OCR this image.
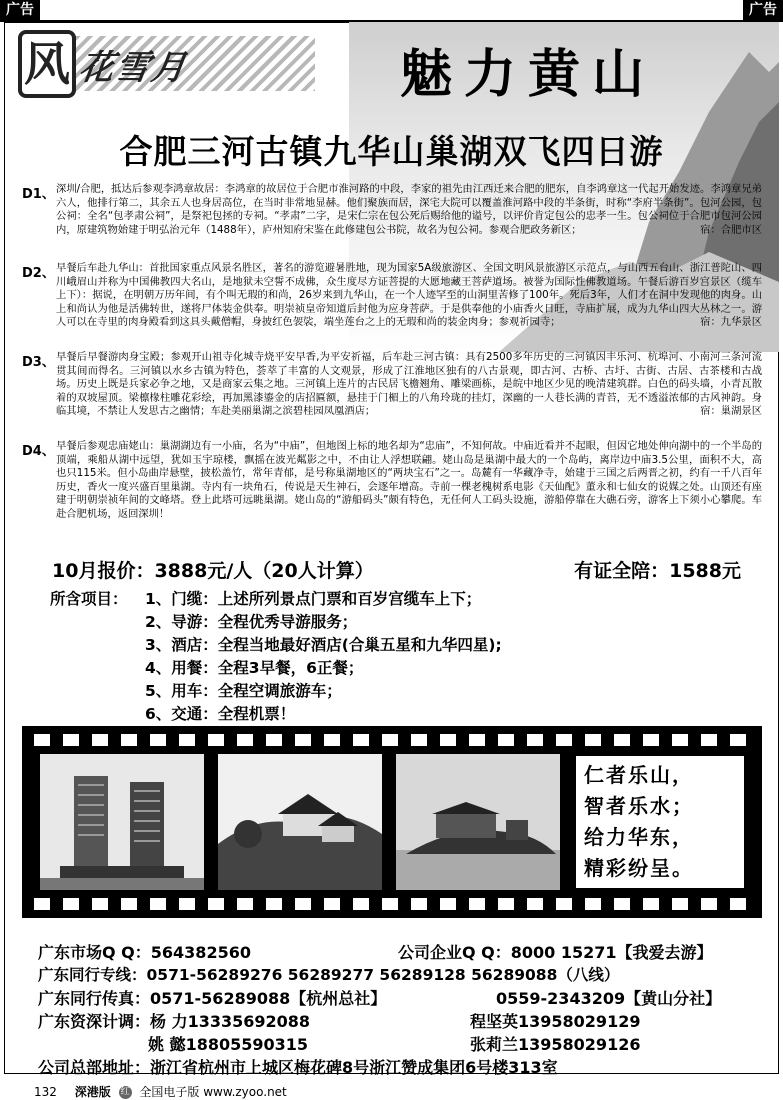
广告	广告
风 花雪月	魅力黄山
合肥三河古镇九华山巢湖双飞四日游
D1、 深圳/合肥，抵达后参观李鸿章故居：李鸿章的故居位于合肥市淮河路的中段，李家的祖先由江西迁来合肥的肥东，自李鸿章这一代起开始发迹。李鸿章兄弟六人，他排行第二，其余五人也身居高位，在当时非常地显赫。他们聚族而居，深宅大院可以覆盖淮河路中段的半条街，时称“李府半条街”。包河公园，包公祠：全名“包孝肃公祠”，是祭祀包拯的专祠。“孝肃”二字，是宋仁宗在包公死后赐给他的谥号，以评价肯定包公的忠孝一生。包公祠位于合肥市包河公园内，原建筑物始建于明弘治元年（1488年），庐州知府宋鉴在此修建包公书院，故名为包公祠。参观合肥政务新区；	宿：合肥市区
D2、 早餐后车赴九华山：首批国家重点风景名胜区，著名的游览避暑胜地，现为国家5A级旅游区、全国文明风景旅游区示范点，与山西五台山、浙江普陀山、四川峨眉山并称为中国佛教四大名山，是地狱未空誓不成佛，众生度尽方证菩提的大愿地藏王菩萨道场。被誉为国际性佛教道场。午餐后游百岁宫景区（缆车上下）：据说，在明朝万历年间，有个叫无瑕的和尚，26岁来到九华山，在一个人迹罕至的山洞里苦修了100年。死后3年，人们才在洞中发现他的肉身。山上和尚认为他是活佛转世，遂将尸体装金供奉。明崇祯皇帝知道后封他为应身菩萨。于是供奉他的小庙香火日旺，寺庙扩展，成为九华山四大丛林之一。游人可以在寺里的肉身殿看到这具头戴僧帽，身披红色袈裟，端坐莲台之上的无瑕和尚的装金肉身；参观祈园寺；	宿：九华景区
D3、 早餐后早餐游肉身宝殿；参观开山祖寺化城寺烧平安早香,为平安祈福，后车赴三河古镇：具有2500多年历史的三河镇因丰乐河、杭埠河、小南河三条河流贯其间而得名。三河镇以水乡古镇为特色，荟萃了丰富的人文观景，形成了江淮地区独有的八古景观，即古河、古桥、古圩、古街、古居、古茶楼和古战场。历史上既是兵家必争之地，又是商家云集之地。三河镇上连片的古民居飞檐翘角、雕梁画栋，是皖中地区少见的晚清建筑群。白色的码头墙，小青瓦散着的双坡屋顶。梁檩椽柱雕花彩绘，再加黑漆鎏金的店招匾额，悬挂于门楣上的八角玲珑的挂灯，深幽的一人巷长满的青苔，无不透溢浓郁的古风神韵。身临其境，不禁让人发思古之幽情；车赴美丽巢湖之滨碧桂园凤凰酒店；	宿：巢湖景区
D4、 早餐后参观忠庙姥山：巢湖湖边有一小庙，名为“中庙”，但地图上标的地名却为“忠庙”，不知何故。中庙近看并不起眼，但因它地处伸向湖中的一个半岛的顶端，乘船从湖中远望，犹如玉宇琼楼，飘摇在波光粼影之中，不由让人浮想联翩。姥山岛是巢湖中最大的一个岛屿，离岸边中庙3.5公里，面积不大，高也只115米。但小岛曲岸悬壁，披松盖竹，常年青郁，是号称巢湖地区的“两块宝石”之一。岛麓有一华藏净寺，始建于三国之后两晋之初，约有一千八百年历史，香火一度兴盛百里巢湖。寺内有一块角石，传说是天生神石，会逐年增高。寺前一棵老槐树系电影《天仙配》董永和七仙女的说媒之处。山顶还有座建于明朝崇祯年间的文峰塔。登上此塔可远眺巢湖。姥山岛的“游船码头”颇有特色，无任何人工码头设施，游船停靠在大礁石旁，游客上下须小心攀爬。车赴合肥机场，返回深圳！
10月报价：3888元/人（20人计算）	有证全陪：1588元
所含项目： 1、门缆：上述所列景点门票和百岁宫缆车上下；
2、导游：全程优秀导游服务；
3、酒店：全程当地最好酒店(合巢五星和九华四星);
4、用餐：全程3早餐，6正餐；
5、用车：全程空调旅游车；
6、交通：全程机票！
仁者乐山，
智者乐水；
给力华东，
精彩纷呈。
广东市场Q Q：564382560	公司企业Q Q：8000 15271【我爱去游】
广东同行专线：0571-56289276 56289277 56289128 56289088（八线）
广东同行传真：0571-56289088【杭州总社】	0559-2343209【黄山分社】
广东资深计调：杨 力13335692088	程坚英13958029129
姚 懿18805590315	张莉兰13958029126
公司总部地址：浙江省杭州市上城区梅花碑8号浙江赞成集团6号楼313室
132 深港版 红 全国电子版 www.zyoo.net
